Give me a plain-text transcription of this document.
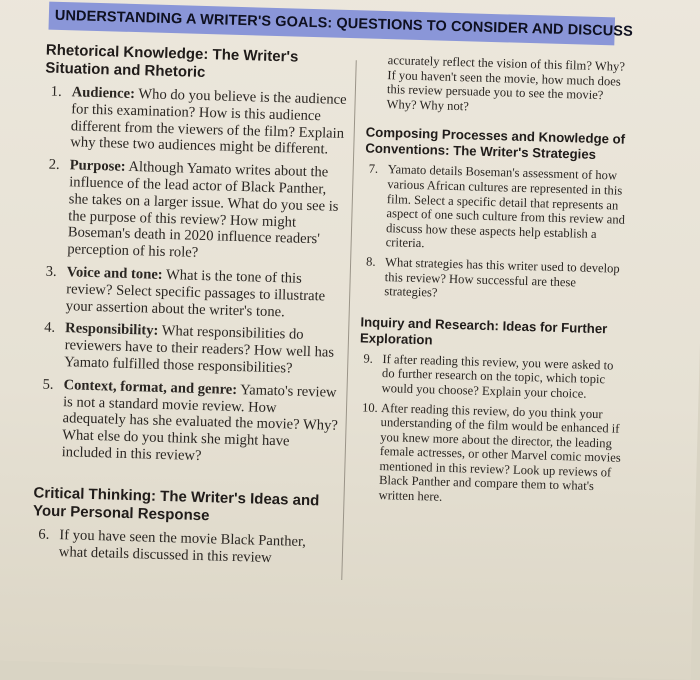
UNDERSTANDING A WRITER'S GOALS: QUESTIONS TO CONSIDER AND DISCUSS
Rhetorical Knowledge: The Writer's Situation and Rhetoric
1. Audience: Who do you believe is the audience for this examination? How is this audience different from the viewers of the film? Explain why these two audiences might be different.
2. Purpose: Although Yamato writes about the influence of the lead actor of Black Panther, she takes on a larger issue. What do you see is the purpose of this review? How might Boseman's death in 2020 influence readers' perception of his role?
3. Voice and tone: What is the tone of this review? Select specific passages to illustrate your assertion about the writer's tone.
4. Responsibility: What responsibilities do reviewers have to their readers? How well has Yamato fulfilled those responsibilities?
5. Context, format, and genre: Yamato's review is not a standard movie review. How adequately has she evaluated the movie? Why? What else do you think she might have included in this review?
Critical Thinking: The Writer's Ideas and Your Personal Response
6. If you have seen the movie Black Panther, what details discussed in this review
accurately reflect the vision of this film? Why? If you haven't seen the movie, how much does this review persuade you to see the movie? Why? Why not?
Composing Processes and Knowledge of Conventions: The Writer's Strategies
7. Yamato details Boseman's assessment of how various African cultures are represented in this film. Select a specific detail that represents an aspect of one such culture from this review and discuss how these aspects help establish a criteria.
8. What strategies has this writer used to develop this review? How successful are these strategies?
Inquiry and Research: Ideas for Further Exploration
9. If after reading this review, you were asked to do further research on the topic, which topic would you choose? Explain your choice.
10. After reading this review, do you think your understanding of the film would be enhanced if you knew more about the director, the leading female actresses, or other Marvel comic movies mentioned in this review? Look up reviews of Black Panther and compare them to what's written here.
